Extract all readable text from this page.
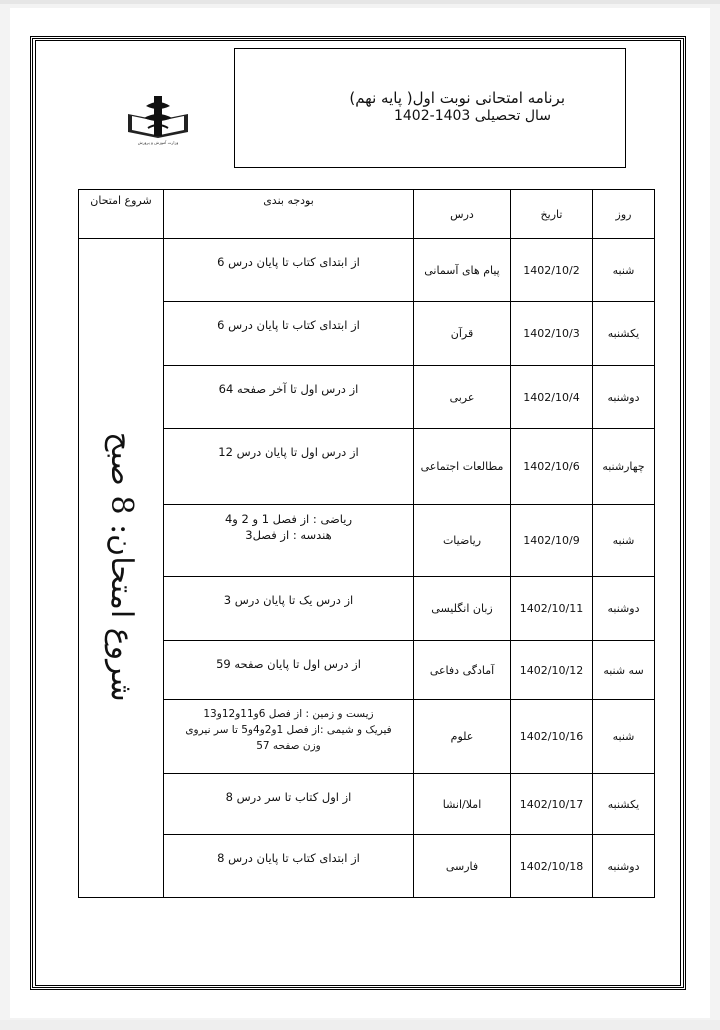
وزارت آموزش و پرورش
برنامه امتحانی نوبت اول( پایه نهم)
سال تحصیلی 1403-1402
روز	تاریخ	درس	بودجه بندی	شروع امتحان
شنبه	1402/10/2	پیام های آسمانی	از ابتدای کتاب تا پایان درس 6	شروع امتحان: 8 صبح
یکشنبه	1402/10/3	قرآن	از ابتدای کتاب تا پایان درس 6	
دوشنبه	1402/10/4	عربی	از درس اول تا آخر صفحه 64	
چهارشنبه	1402/10/6	مطالعات اجتماعی	از درس اول تا پایان درس 12	
شنبه	1402/10/9	ریاضیات	ریاضی : از فصل 1 و 2 و4
هندسه : از فصل3	

دوشنبه	1402/10/11	زبان انگلیسی	از درس یک تا پایان درس 3	
سه شنبه	1402/10/12	آمادگی دفاعی	از درس اول تا پایان صفحه 59	
شنبه	1402/10/16	علوم	زیست و زمین : از فصل 6و11و12و13
فیریک و شیمی :از فصل 1و2و4و5 تا سر نیروی
وزن صفحه 57	

یکشنبه	1402/10/17	املا/انشا	از اول کتاب تا سر درس 8	
دوشنبه	1402/10/18	فارسی	از ابتدای کتاب تا پایان درس 8	
